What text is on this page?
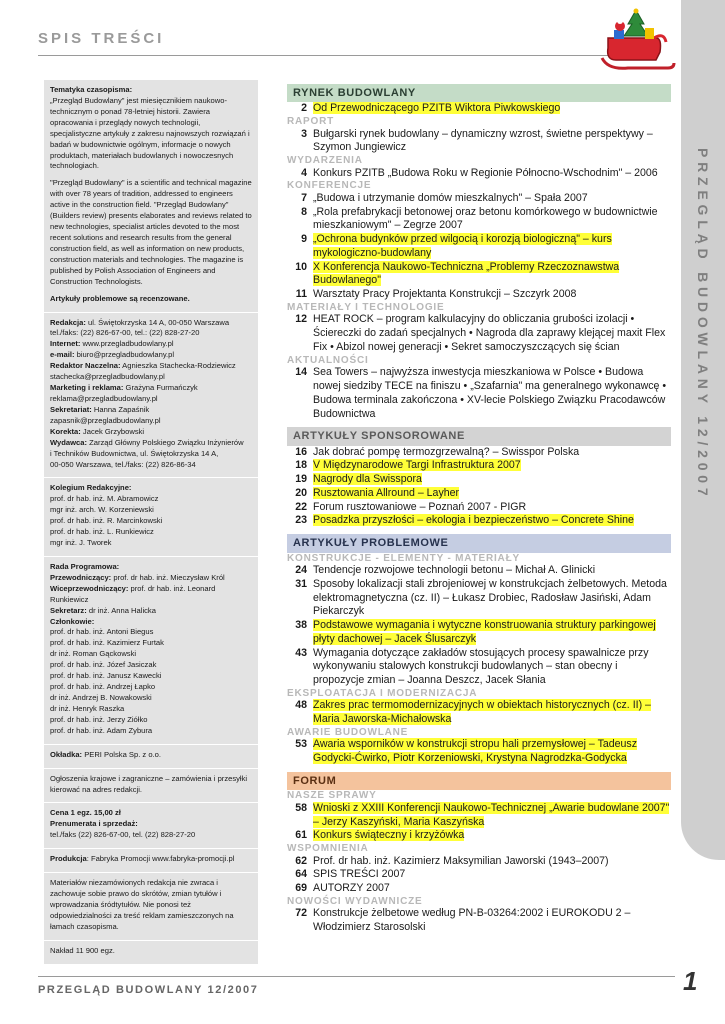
SPIS TREŚCI
PRZEGLĄD BUDOWLANY 12/2007
Tematyka czasopisma:

„Przegląd Budowlany" jest miesięcznikiem naukowo-technicznym o ponad 78-letniej historii. Zawiera opracowania i przeglądy nowych technologii, specjalistyczne artykuły z zakresu najnowszych rozwiązań i badań w budownictwie ogólnym, informacje o nowych produktach, materiałach budowlanych i nowoczesnych technologiach.

"Przegląd Budowlany" is a scientific and technical magazine with over 78 years of tradition, addressed to engineers active in the construction field. "Przegląd Budowlany" (Builders review) presents elaborates and reviews related to new technologies, specialist articles devoted to the most recent solutions and research results from the general construction field, as well as information on new products, construction materials and technologies. The magazine is published by Polish Association of Engineers and Construction Technologists.

Artykuły problemowe są recenzowane.
Redakcja: ul. Świętokrzyska 14 A, 00-050 Warszawa
tel./faks: (22) 826-67-00, tel.: (22) 828-27-20
Internet: www.przegladbudowlany.pl
e-mail: biuro@przegladbudowlany.pl
Redaktor Naczelna: Agnieszka Stachecka-Rodziewicz
stachecka@przegladbudowlany.pl
Marketing i reklama: Grażyna Furmańczyk
reklama@przegladbudowlany.pl
Sekretariat: Hanna Zapaśnik
zapasnik@przegladbudowlany.pl
Korekta: Jacek Grzybowski
Wydawca: Zarząd Główny Polskiego Związku Inżynierów
i Techników Budownictwa, ul. Świętokrzyska 14 A,
00-050 Warszawa, tel./faks: (22) 826-86-34
Kolegium Redakcyjne:
prof. dr hab. inż. M. Abramowicz
mgr inż. arch. W. Korzeniewski
prof. dr hab. inż. R. Marcinkowski
prof. dr hab. inż. L. Runkiewicz
mgr inż. J. Tworek
Rada Programowa:
Przewodniczący: prof. dr hab. inż. Mieczysław Król
Wiceprzewodniczący: prof. dr hab. inż. Leonard Runkiewicz
Sekretarz: dr inż. Anna Halicka
Członkowie:
prof. dr hab. inż. Antoni Biegus
prof. dr hab. inż. Kazimierz Furtak
dr inż. Roman Gąckowski
prof. dr hab. inż. Józef Jasiczak
prof. dr hab. inż. Janusz Kawecki
prof. dr hab. inż. Andrzej Łapko
dr inż. Andrzej B. Nowakowski
dr inż. Henryk Raszka
prof. dr hab. inż. Jerzy Ziółko
prof. dr hab. inż. Adam Zybura
Okładka: PERI Polska Sp. z o.o.
Ogłoszenia krajowe i zagraniczne – zamówienia i przesyłki kierować na adres redakcji.
Cena 1 egz. 15,00 zł
Prenumerata i sprzedaż:
tel./faks (22) 826-67-00, tel. (22) 828-27-20
Produkcja: Fabryka Promocji www.fabryka-promocji.pl
Materiałów niezamówionych redakcja nie zwraca i zachowuje sobie prawo do skrótów, zmian tytułów i wprowadzania śródtytułów. Nie ponosi też odpowiedzialności za treść reklam zamieszczonych na łamach czasopisma.
Nakład 11 900 egz.
RYNEK BUDOWLANY
2 Od Przewodniczącego PZITB Wiktora Piwkowskiego
RAPORT
3 Bułgarski rynek budowlany – dynamiczny wzrost, świetne perspektywy – Szymon Jungiewicz
WYDARZENIA
4 Konkurs PZITB „Budowa Roku w Regionie Północno-Wschodnim" – 2006
KONFERENCJE
7 „Budowa i utrzymanie domów mieszkalnych" – Spała 2007
8 „Rola prefabrykacji betonowej oraz betonu komórkowego w budownictwie mieszkaniowym" – Zegrze 2007
9 „Ochrona budynków przed wilgocią i korozją biologiczną" – kurs mykologiczno-budowlany
10 X Konferencja Naukowo-Techniczna „Problemy Rzeczoznawstwa Budowlanego"
11 Warsztaty Pracy Projektanta Konstrukcji – Szczyrk 2008
MATERIAŁY I TECHNOLOGIE
12 HEAT ROCK – program kalkulacyjny do obliczania grubości izolacji • Ściereczki do zadań specjalnych • Nagroda dla zaprawy klejącej maxit Flex Fix • Abizol nowej generacji • Sekret samoczyszczących się ścian
AKTUALNOŚCI
14 Sea Towers – najwyższa inwestycja mieszkaniowa w Polsce • Budowa nowej siedziby TECE na finiszu • „Szafarnia" ma generalnego wykonawcę • Budowa terminala zakończona • XV-lecie Polskiego Związku Pracodawców Budownictwa
ARTYKUŁY SPONSOROWANE
16 Jak dobrać pompę termozgrzewalną? – Swisspor Polska
18 V Międzynarodowe Targi Infrastruktura 2007
19 Nagrody dla Swisspora
20 Rusztowania Allround – Layher
22 Forum rusztowaniowe – Poznań 2007 - PIGR
23 Posadzka przyszłości – ekologia i bezpieczeństwo – Concrete Shine
ARTYKUŁY PROBLEMOWE
KONSTRUKCJE - ELEMENTY - MATERIAŁY
24 Tendencje rozwojowe technologii betonu – Michał A. Glinicki
31 Sposoby lokalizacji stali zbrojeniowej w konstrukcjach żelbetowych. Metoda elektromagnetyczna (cz. II) – Łukasz Drobiec, Radosław Jasiński, Adam Piekarczyk
38 Podstawowe wymagania i wytyczne konstruowania struktury parkingowej płyty dachowej – Jacek Ślusarczyk
43 Wymagania dotyczące zakładów stosujących procesy spawalnicze przy wykonywaniu stalowych konstrukcji budowlanych – stan obecny i propozycje zmian – Joanna Deszcz, Jacek Słania
EKSPLOATACJA I MODERNIZACJA
48 Zakres prac termomodernizacyjnych w obiektach historycznych (cz. II) – Maria Jaworska-Michałowska
AWARIE BUDOWLANE
53 Awaria wsporników w konstrukcji stropu hali przemysłowej – Tadeusz Godycki-Ćwirko, Piotr Korzeniowski, Krystyna Nagrodzka-Godycka
FORUM
NASZE SPRAWY
58 Wnioski z XXIII Konferencji Naukowo-Technicznej „Awarie budowlane 2007" – Jerzy Kaszyński, Maria Kaszyńska
61 Konkurs świąteczny i krzyżówka
WSPOMNIENIA
62 Prof. dr hab. inż. Kazimierz Maksymilian Jaworski (1943–2007)
64 SPIS TREŚCI 2007
69 AUTORZY 2007
NOWOŚCI WYDAWNICZE
72 Konstrukcje żelbetowe według PN-B-03264:2002 i EUROKODU 2 – Włodzimierz Starosolski
PRZEGLĄD BUDOWLANY 12/2007	1
